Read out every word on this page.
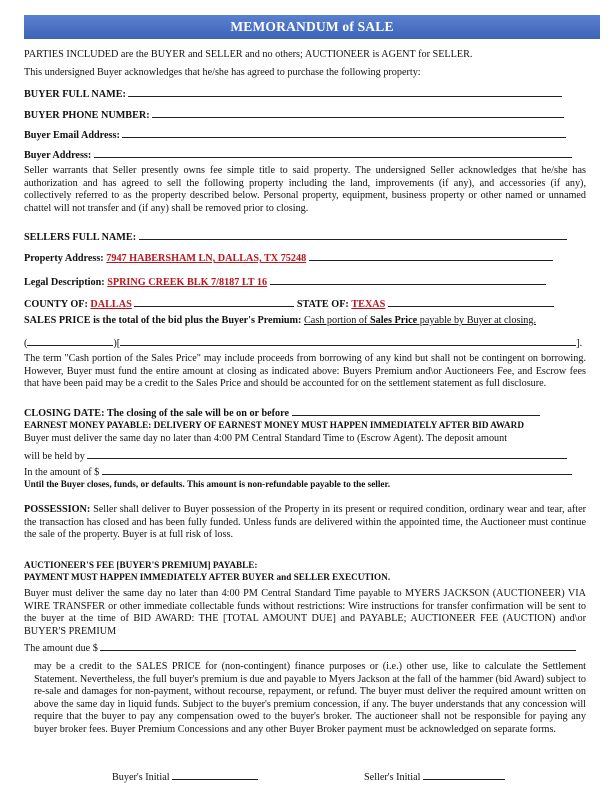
MEMORANDUM of SALE
PARTIES INCLUDED are the BUYER and SELLER and no others; AUCTIONEER is AGENT for SELLER.
This undersigned Buyer acknowledges that he/she has agreed to purchase the following property:
BUYER FULL NAME:
BUYER PHONE NUMBER:
Buyer Email Address:
Buyer Address:
Seller warrants that Seller presently owns fee simple title to said property. The undersigned Seller acknowledges that he/she has authorization and has agreed to sell the following property including the land, improvements (if any), and accessories (if any), collectively referred to as the property described below. Personal property, equipment, business property or other named or unnamed chattel will not transfer and (if any) shall be removed prior to closing.
SELLERS FULL NAME:
Property Address: 7947 HABERSHAM LN, DALLAS, TX 75248
Legal Description: SPRING CREEK BLK 7/8187 LT 16
COUNTY OF: DALLAS	STATE OF: TEXAS
SALES PRICE is the total of the bid plus the Buyer's Premium: Cash portion of Sales Price payable by Buyer at closing.
(	)[	].
The term "Cash portion of the Sales Price" may include proceeds from borrowing of any kind but shall not be contingent on borrowing. However, Buyer must fund the entire amount at closing as indicated above: Buyers Premium and\or Auctioneers Fee, and Escrow fees that have been paid may be a credit to the Sales Price and should be accounted for on the settlement statement as full disclosure.
CLOSING DATE: The closing of the sale will be on or before
EARNEST MONEY PAYABLE: DELIVERY OF EARNEST MONEY MUST HAPPEN IMMEDIATELY AFTER BID AWARD
Buyer must deliver the same day no later than 4:00 PM Central Standard Time to (Escrow Agent). The deposit amount
will be held by
In the amount of $
Until the Buyer closes, funds, or defaults. This amount is non-refundable payable to the seller.
POSSESSION: Seller shall deliver to Buyer possession of the Property in its present or required condition, ordinary wear and tear, after the transaction has closed and has been fully funded. Unless funds are delivered within the appointed time, the Auctioneer must continue the sale of the property. Buyer is at full risk of loss.
AUCTIONEER'S FEE [BUYER'S PREMIUM] PAYABLE:
PAYMENT MUST HAPPEN IMMEDIATELY AFTER BUYER and SELLER EXECUTION.
Buyer must deliver the same day no later than 4:00 PM Central Standard Time payable to MYERS JACKSON (AUCTIONEER) VIA WIRE TRANSFER or other immediate collectable funds without restrictions: Wire instructions for transfer confirmation will be sent to the buyer at the time of BID AWARD: THE [TOTAL AMOUNT DUE] and PAYABLE; AUCTIONEER FEE (AUCTION) and\or BUYER'S PREMIUM
The amount due $
may be a credit to the SALES PRICE for (non-contingent) finance purposes or (i.e.) other use, like to calculate the Settlement Statement. Nevertheless, the full buyer's premium is due and payable to Myers Jackson at the fall of the hammer (bid Award) subject to re-sale and damages for non-payment, without recourse, repayment, or refund. The buyer must deliver the required amount written on above the same day in liquid funds. Subject to the buyer's premium concession, if any. The buyer understands that any concession will require that the buyer to pay any compensation owed to the buyer's broker. The auctioneer shall not be responsible for paying any buyer broker fees. Buyer Premium Concessions and any other Buyer Broker payment must be acknowledged on separate forms.
Buyer's Initial	Seller's Initial
